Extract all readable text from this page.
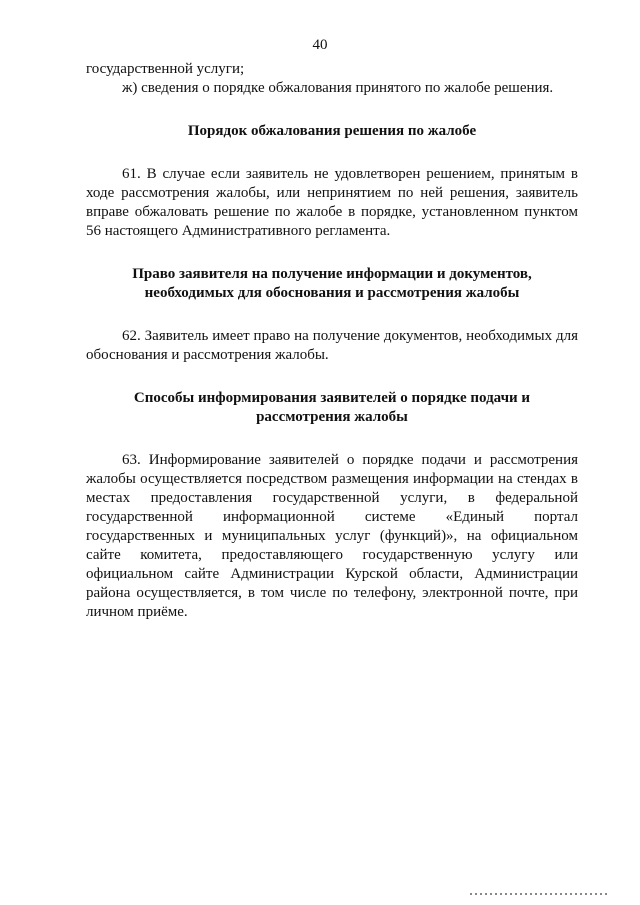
40

государственной услуги;

ж) сведения о порядке обжалования принятого по жалобе решения.

Порядок обжалования решения по жалобе

61. В случае если заявитель не удовлетворен решением, принятым в ходе рассмотрения жалобы, или непринятием по ней решения, заявитель вправе обжаловать решение по жалобе в порядке, установленном пунктом 56 настоящего Административного регламента.

Право заявителя на получение информации и документов,
необходимых для обоснования и рассмотрения жалобы

62. Заявитель имеет право на получение документов, необходимых для обоснования и рассмотрения жалобы.

Способы информирования заявителей о порядке подачи и
рассмотрения жалобы

63. Информирование заявителей о порядке подачи и рассмотрения жалобы осуществляется посредством размещения информации на стендах в местах предоставления государственной услуги, в федеральной государственной информационной системе «Единый портал государственных и муниципальных услуг (функций)», на официальном сайте комитета, предоставляющего государственную услугу или официальном сайте Администрации Курской области, Администрации района осуществляется, в том числе по телефону, электронной почте, при личном приёме.
